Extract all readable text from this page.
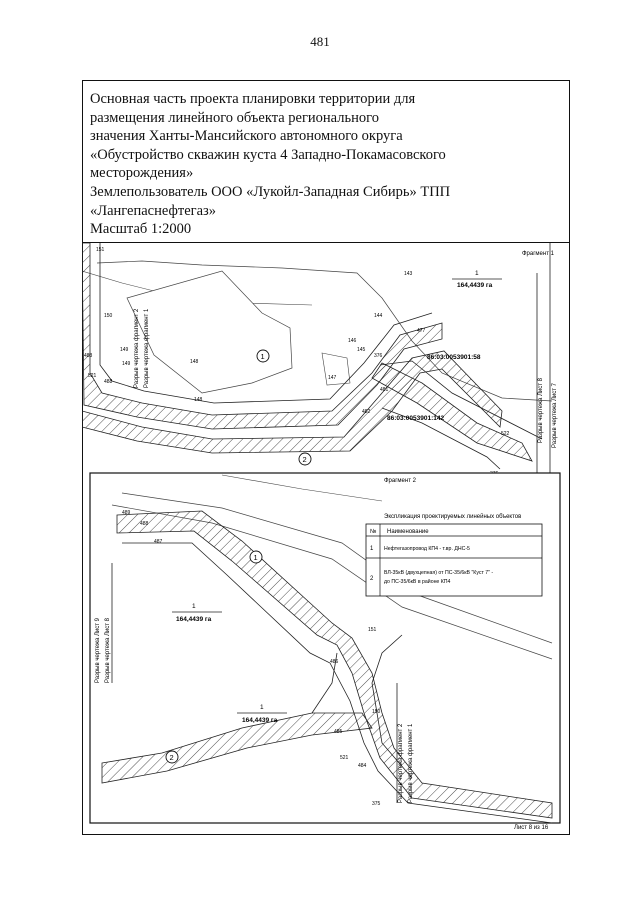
481
Основная часть проекта планировки территории для
размещения линейного объекта регионального
значения Ханты-Мансийского автономного округа
«Обустройство скважин куста 4 Западно-Покамасовского
месторождения»
Землепользователь ООО «Лукойл-Западная Сибирь» ТПП
«Лангепаснефтегаз»
Масштаб 1:2000
Фрагмент 1
Разрыв чертежа Лист 8 Разрыв чертежа Лист 7
Разрыв чертежа фрагмент 2 Разрыв чертежа фрагмент 1
1
164,4439 га
86:03:0053901:58
86:03:0053901:142
1
2
151
150
149
148
483
521
488
147
145
144
146
143
477
376
481
482
522
149
148
Фрагмент 2
Разрыв чертежа Лист 9 Разрыв чертежа Лист 8
Разрыв чертежа фрагмент 2 Разрыв чертежа фрагмент 1
1
164,4439 га
1
164,4439 га
1
2
489
488
487
151
486
485
150
521
484
375
Экспликация проектируемых линейных объектов
№ Наименование
1 Нефтегазопровод КП4 - т.вр. ДНС-5
2
ВЛ-35кВ (двухцепная) от ПС-35/6кВ "Куст 7" -
до ПС-35/6кВ в районе КП4
Лист 8 из 16
